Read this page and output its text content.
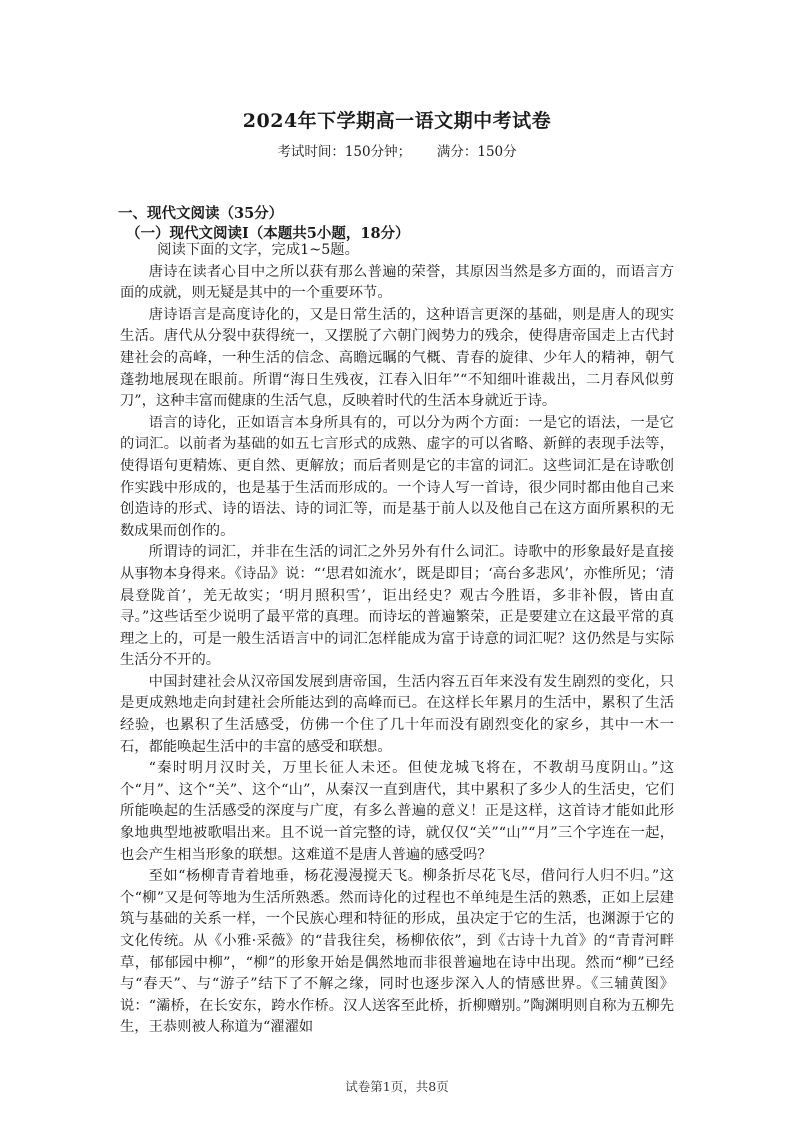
2024年下学期高一语文期中考试卷
考试时间：150分钟；      满分：150分
一、现代文阅读（35分）
（一）现代文阅读Ⅰ（本题共5小题，18分）

阅读下面的文字，完成1~5题。

唐诗在读者心目中之所以获有那么普遍的荣誉，其原因当然是多方面的，而语言方面的成就，则无疑是其中的一个重要环节。

唐诗语言是高度诗化的，又是日常生活的，这种语言更深的基础，则是唐人的现实生活。唐代从分裂中获得统一，又摆脱了六朝门阀势力的残余，使得唐帝国走上古代封建社会的高峰，一种生活的信念、高瞻远瞩的气概、青春的旋律、少年人的精神，朝气蓬勃地展现在眼前。所谓“海日生残夜，江春入旧年”“不知细叶谁裁出，二月春风似剪刀”，这种丰富而健康的生活气息，反映着时代的生活本身就近于诗。

语言的诗化，正如语言本身所具有的，可以分为两个方面：一是它的语法，一是它的词汇。以前者为基础的如五七言形式的成熟、虚字的可以省略、新鲜的表现手法等，使得语句更精炼、更自然、更解放；而后者则是它的丰富的词汇。这些词汇是在诗歌创作实践中形成的，也是基于生活而形成的。一个诗人写一首诗，很少同时都由他自己来创造诗的形式、诗的语法、诗的词汇等，而是基于前人以及他自己在这方面所累积的无数成果而创作的。

所谓诗的词汇，并非在生活的词汇之外另外有什么词汇。诗歌中的形象最好是直接从事物本身得来。《诗品》说：“‘思君如流水’，既是即目；‘高台多悲风’，亦惟所见；‘清晨登陇首’，羌无故实；‘明月照积雪’，讵出经史？观古今胜语，多非补假，皆由直寻。”这些话至少说明了最平常的真理。而诗坛的普遍繁荣，正是要建立在这最平常的真理之上的，可是一般生活语言中的词汇怎样能成为富于诗意的词汇呢？这仍然是与实际生活分不开的。

中国封建社会从汉帝国发展到唐帝国，生活内容五百年来没有发生剧烈的变化，只是更成熟地走向封建社会所能达到的高峰而已。在这样长年累月的生活中，累积了生活经验，也累积了生活感受，仿佛一个住了几十年而没有剧烈变化的家乡，其中一木一石，都能唤起生活中的丰富的感受和联想。

“秦时明月汉时关，万里长征人未还。但使龙城飞将在，不教胡马度阴山。”这个“月”、这个“关”、这个“山”，从秦汉一直到唐代，其中累积了多少人的生活史，它们所能唤起的生活感受的深度与广度，有多么普遍的意义！正是这样，这首诗才能如此形象地典型地被歌唱出来。且不说一首完整的诗，就仅仅“关”“山”“月”三个字连在一起，也会产生相当形象的联想。这难道不是唐人普遍的感受吗？

至如“杨柳青青着地垂，杨花漫漫搅天飞。柳条折尽花飞尽，借问行人归不归。”这个“柳”又是何等地为生活所熟悉。然而诗化的过程也不单纯是生活的熟悉，正如上层建筑与基础的关系一样，一个民族心理和特征的形成，虽决定于它的生活，也渊源于它的文化传统。从《小雅·采薇》的“昔我往矣，杨柳依依”，到《古诗十九首》的“青青河畔草，郁郁园中柳”，“柳”的形象开始是偶然地而非很普遍地在诗中出现。然而“柳”已经与“春天”、与“游子”结下了不解之缘，同时也逐步深入人的情感世界。《三辅黄图》说：“灞桥，在长安东，跨水作桥。汉人送客至此桥，折柳赠别。”陶渊明则自称为五柳先生，王恭则被人称道为“濯濯如

试卷第1页，共8页
